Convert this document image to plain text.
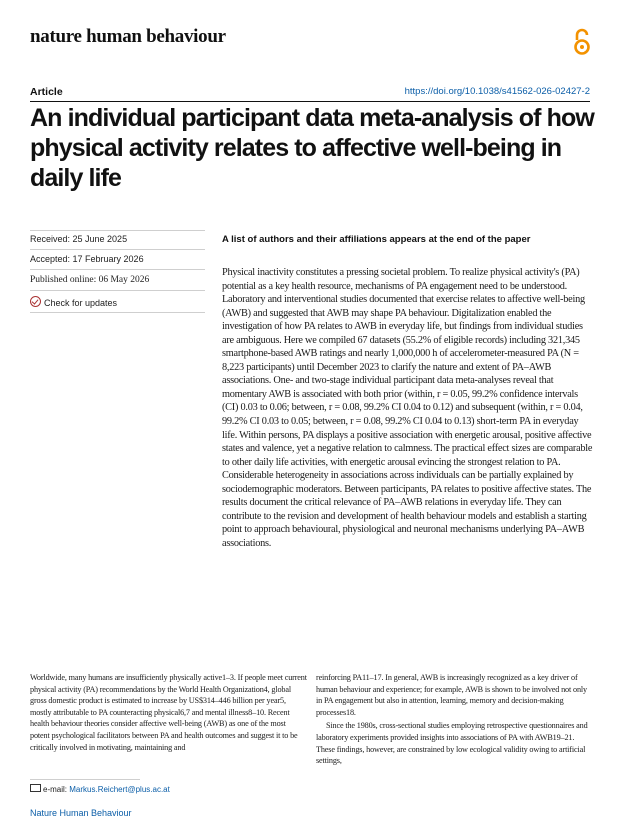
nature human behaviour
Article	https://doi.org/10.1038/s41562-026-02427-2
An individual participant data meta-analysis of how physical activity relates to affective well-being in daily life
Received: 25 June 2025
Accepted: 17 February 2026
Published online: 06 May 2026
Check for updates
A list of authors and their affiliations appears at the end of the paper

Physical inactivity constitutes a pressing societal problem. To realize physical activity's (PA) potential as a key health resource, mechanisms of PA engagement need to be understood. Laboratory and interventional studies documented that exercise relates to affective well-being (AWB) and suggested that AWB may shape PA behaviour. Digitalization enabled the investigation of how PA relates to AWB in everyday life, but findings from individual studies are ambiguous. Here we compiled 67 datasets (55.2% of eligible records) including 321,345 smartphone-based AWB ratings and nearly 1,000,000 h of accelerometer-measured PA (N = 8,223 participants) until December 2023 to clarify the nature and extent of PA–AWB associations. One- and two-stage individual participant data meta-analyses reveal that momentary AWB is associated with both prior (within, r = 0.05, 99.2% confidence intervals (CI) 0.03 to 0.06; between, r = 0.08, 99.2% CI 0.04 to 0.12) and subsequent (within, r = 0.04, 99.2% CI 0.03 to 0.05; between, r = 0.08, 99.2% CI 0.04 to 0.13) short-term PA in everyday life. Within persons, PA displays a positive association with energetic arousal, positive affective states and valence, yet a negative relation to calmness. The practical effect sizes are comparable to other daily life activities, with energetic arousal evincing the strongest relation to PA. Considerable heterogeneity in associations across individuals can be partially explained by sociodemographic moderators. Between participants, PA relates to positive affective states. The results document the critical relevance of PA–AWB relations in everyday life. They can contribute to the revision and development of health behaviour models and establish a starting point to approach behavioural, physiological and neuronal mechanisms underlying PA–AWB associations.

Worldwide, many humans are insufficiently physically active1–3. If people meet current physical activity (PA) recommendations by the World Health Organization4, global gross domestic product is estimated to increase by US$314–446 billion per year5, mostly attributable to PA counteracting physical6,7 and mental illness8–10. Recent health behaviour theories consider affective well-being (AWB) as one of the most potent psychological facilitators between PA and health outcomes and suggest it to be critically involved in motivating, maintaining and

reinforcing PA11–17. In general, AWB is increasingly recognized as a key driver of human behaviour and experience; for example, AWB is shown to be involved not only in PA engagement but also in attention, learning, memory and decision-making processes18.

Since the 1980s, cross-sectional studies employing retrospective questionnaires and laboratory experiments provided insights into associations of PA with AWB19–21. These findings, however, are constrained by low ecological validity owing to artificial settings,

e-mail: Markus.Reichert@plus.ac.at
Nature Human Behaviour
